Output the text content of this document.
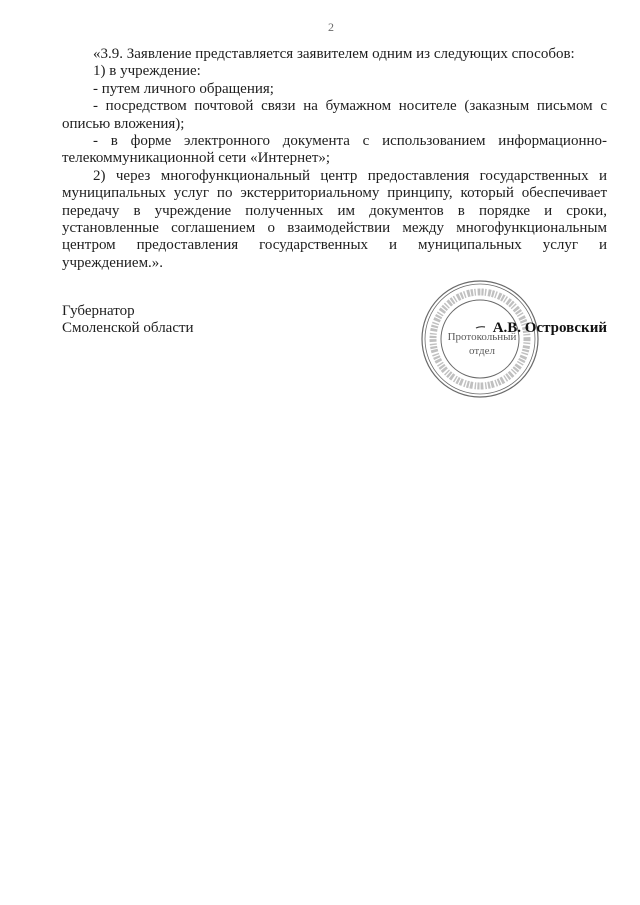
2
«3.9. Заявление представляется заявителем одним из следующих способов:
1) в учреждение:
- путем личного обращения;
- посредством почтовой связи на бумажном носителе (заказным письмом с
описью вложения);
- в форме электронного документа с использованием информационно-
телекоммуникационной сети «Интернет»;
2) через многофункциональный центр предоставления государственных и
муниципальных услуг по экстерриториальному принципу, который обеспечивает
передачу в учреждение полученных им документов в порядке и сроки,
установленные соглашением о взаимодействии между многофункциональным
центром предоставления государственных и муниципальных услуг и
учреждением.».
Губернатор
Смоленской области
Протокольный
отдел
А.В. Островский
